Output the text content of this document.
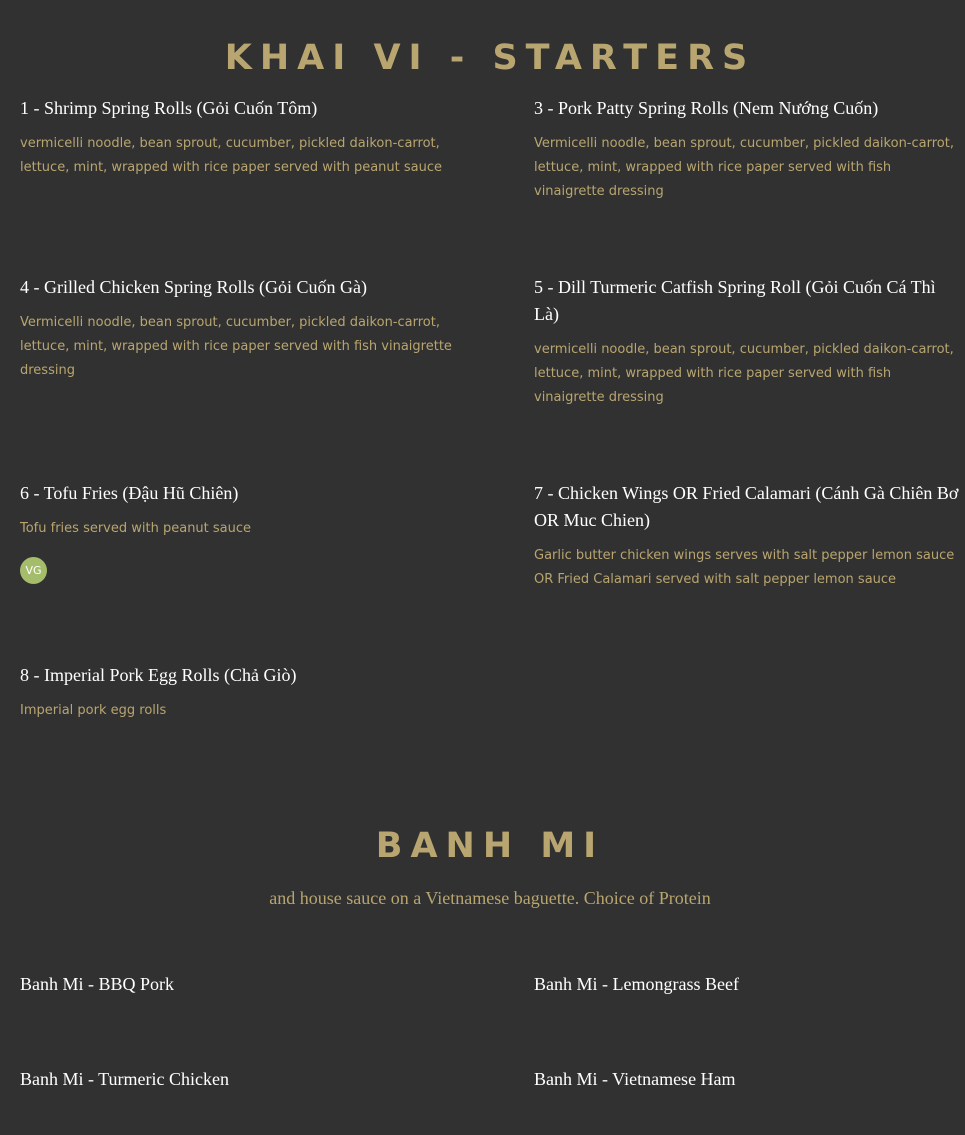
KHAI VI - STARTERS

1 - Shrimp Spring Rolls (Gỏi Cuốn Tôm)

vermicelli noodle, bean sprout, cucumber, pickled daikon-carrot, lettuce, mint, wrapped with rice paper served with peanut sauce

3 - Pork Patty Spring Rolls (Nem Nướng Cuốn)

Vermicelli noodle, bean sprout, cucumber, pickled daikon-carrot, lettuce, mint, wrapped with rice paper served with fish vinaigrette dressing

4 - Grilled Chicken Spring Rolls (Gỏi Cuốn Gà)

Vermicelli noodle, bean sprout, cucumber, pickled daikon-carrot, lettuce, mint, wrapped with rice paper served with fish vinaigrette dressing

5 - Dill Turmeric Catfish Spring Roll (Gỏi Cuốn Cá Thì Là)

vermicelli noodle, bean sprout, cucumber, pickled daikon-carrot, lettuce, mint, wrapped with rice paper served with fish vinaigrette dressing

6 - Tofu Fries (Đậu Hũ Chiên)

Tofu fries served with peanut sauce

VG

7 - Chicken Wings OR Fried Calamari (Cánh Gà Chiên Bơ OR Muc Chien)

Garlic butter chicken wings serves with salt pepper lemon sauce OR Fried Calamari served with salt pepper lemon sauce

8 - Imperial Pork Egg Rolls (Chả Giò)

Imperial pork egg rolls

BANH MI

and house sauce on a Vietnamese baguette. Choice of Protein

Banh Mi - BBQ Pork	Banh Mi - Lemongrass Beef

Banh Mi - Turmeric Chicken	Banh Mi - Vietnamese Ham
